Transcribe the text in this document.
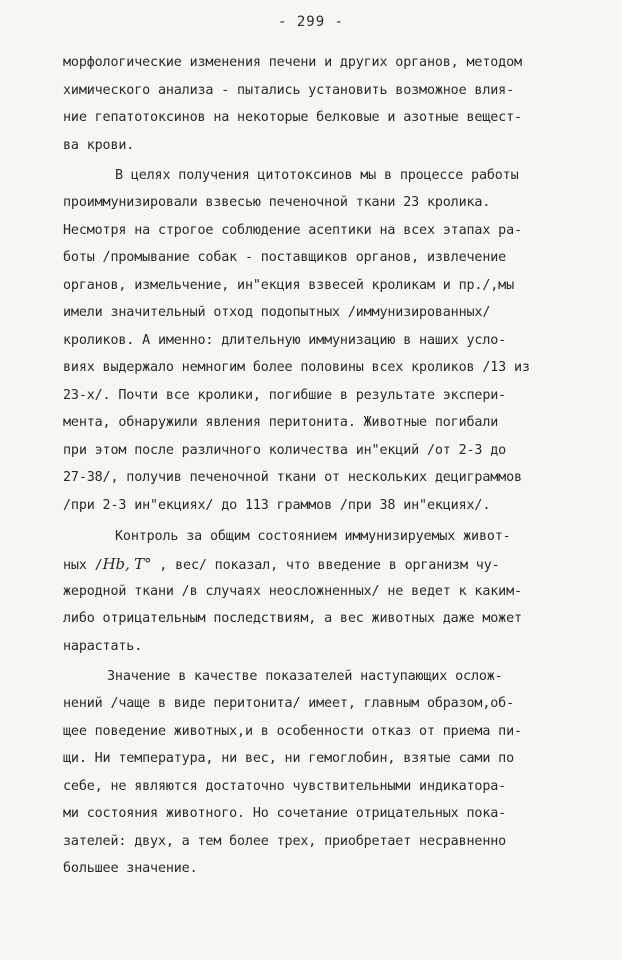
- 299 -
морфологические изменения печени и других органов, методом
химического анализа - пытались установить возможное влия-
ние гепатотоксинов на некоторые белковые и азотные вещест-
ва крови.
В целях получения цитотоксинов мы в процессе работы
проиммунизировали взвесью печеночной ткани 23 кролика.
Несмотря на строгое соблюдение асептики на всех этапах ра-
боты /промывание собак - поставщиков органов, извлечение
органов, измельчение, ин"екция взвесей кроликам и пр./,мы
имели значительный отход подопытных /иммунизированных/
кроликов. А именно: длительную иммунизацию в наших усло-
виях выдержало немногим более половины всех кроликов /13 из
23-х/. Почти все кролики, погибшие в результате экспери-
мента, обнаружили явления перитонита. Животные погибали
при этом после различного количества ин"екций /от 2-3 до
27-38/, получив печеночной ткани от нескольких дециграммов
/при 2-3 ин"екциях/ до 113 граммов /при 38 ин"екциях/.
Контроль за общим состоянием иммунизируемых живот-
ных /Hb, T° , вес/ показал, что введение в организм чу-
жеродной ткани /в случаях неосложненных/ не ведет к каким-
либо отрицательным последствиям, а вес животных даже может
нарастать.
Значение в качестве показателей наступающих ослож-
нений /чаще в виде перитонита/ имеет, главным образом,об-
щее поведение животных,и в особенности отказ от приема пи-
щи. Ни температура, ни вес, ни гемоглобин, взятые сами по
себе, не являются достаточно чувствительными индикатора-
ми состояния животного. Но сочетание отрицательных пока-
зателей: двух, а тем более трех, приобретает несравненно
большее значение.
